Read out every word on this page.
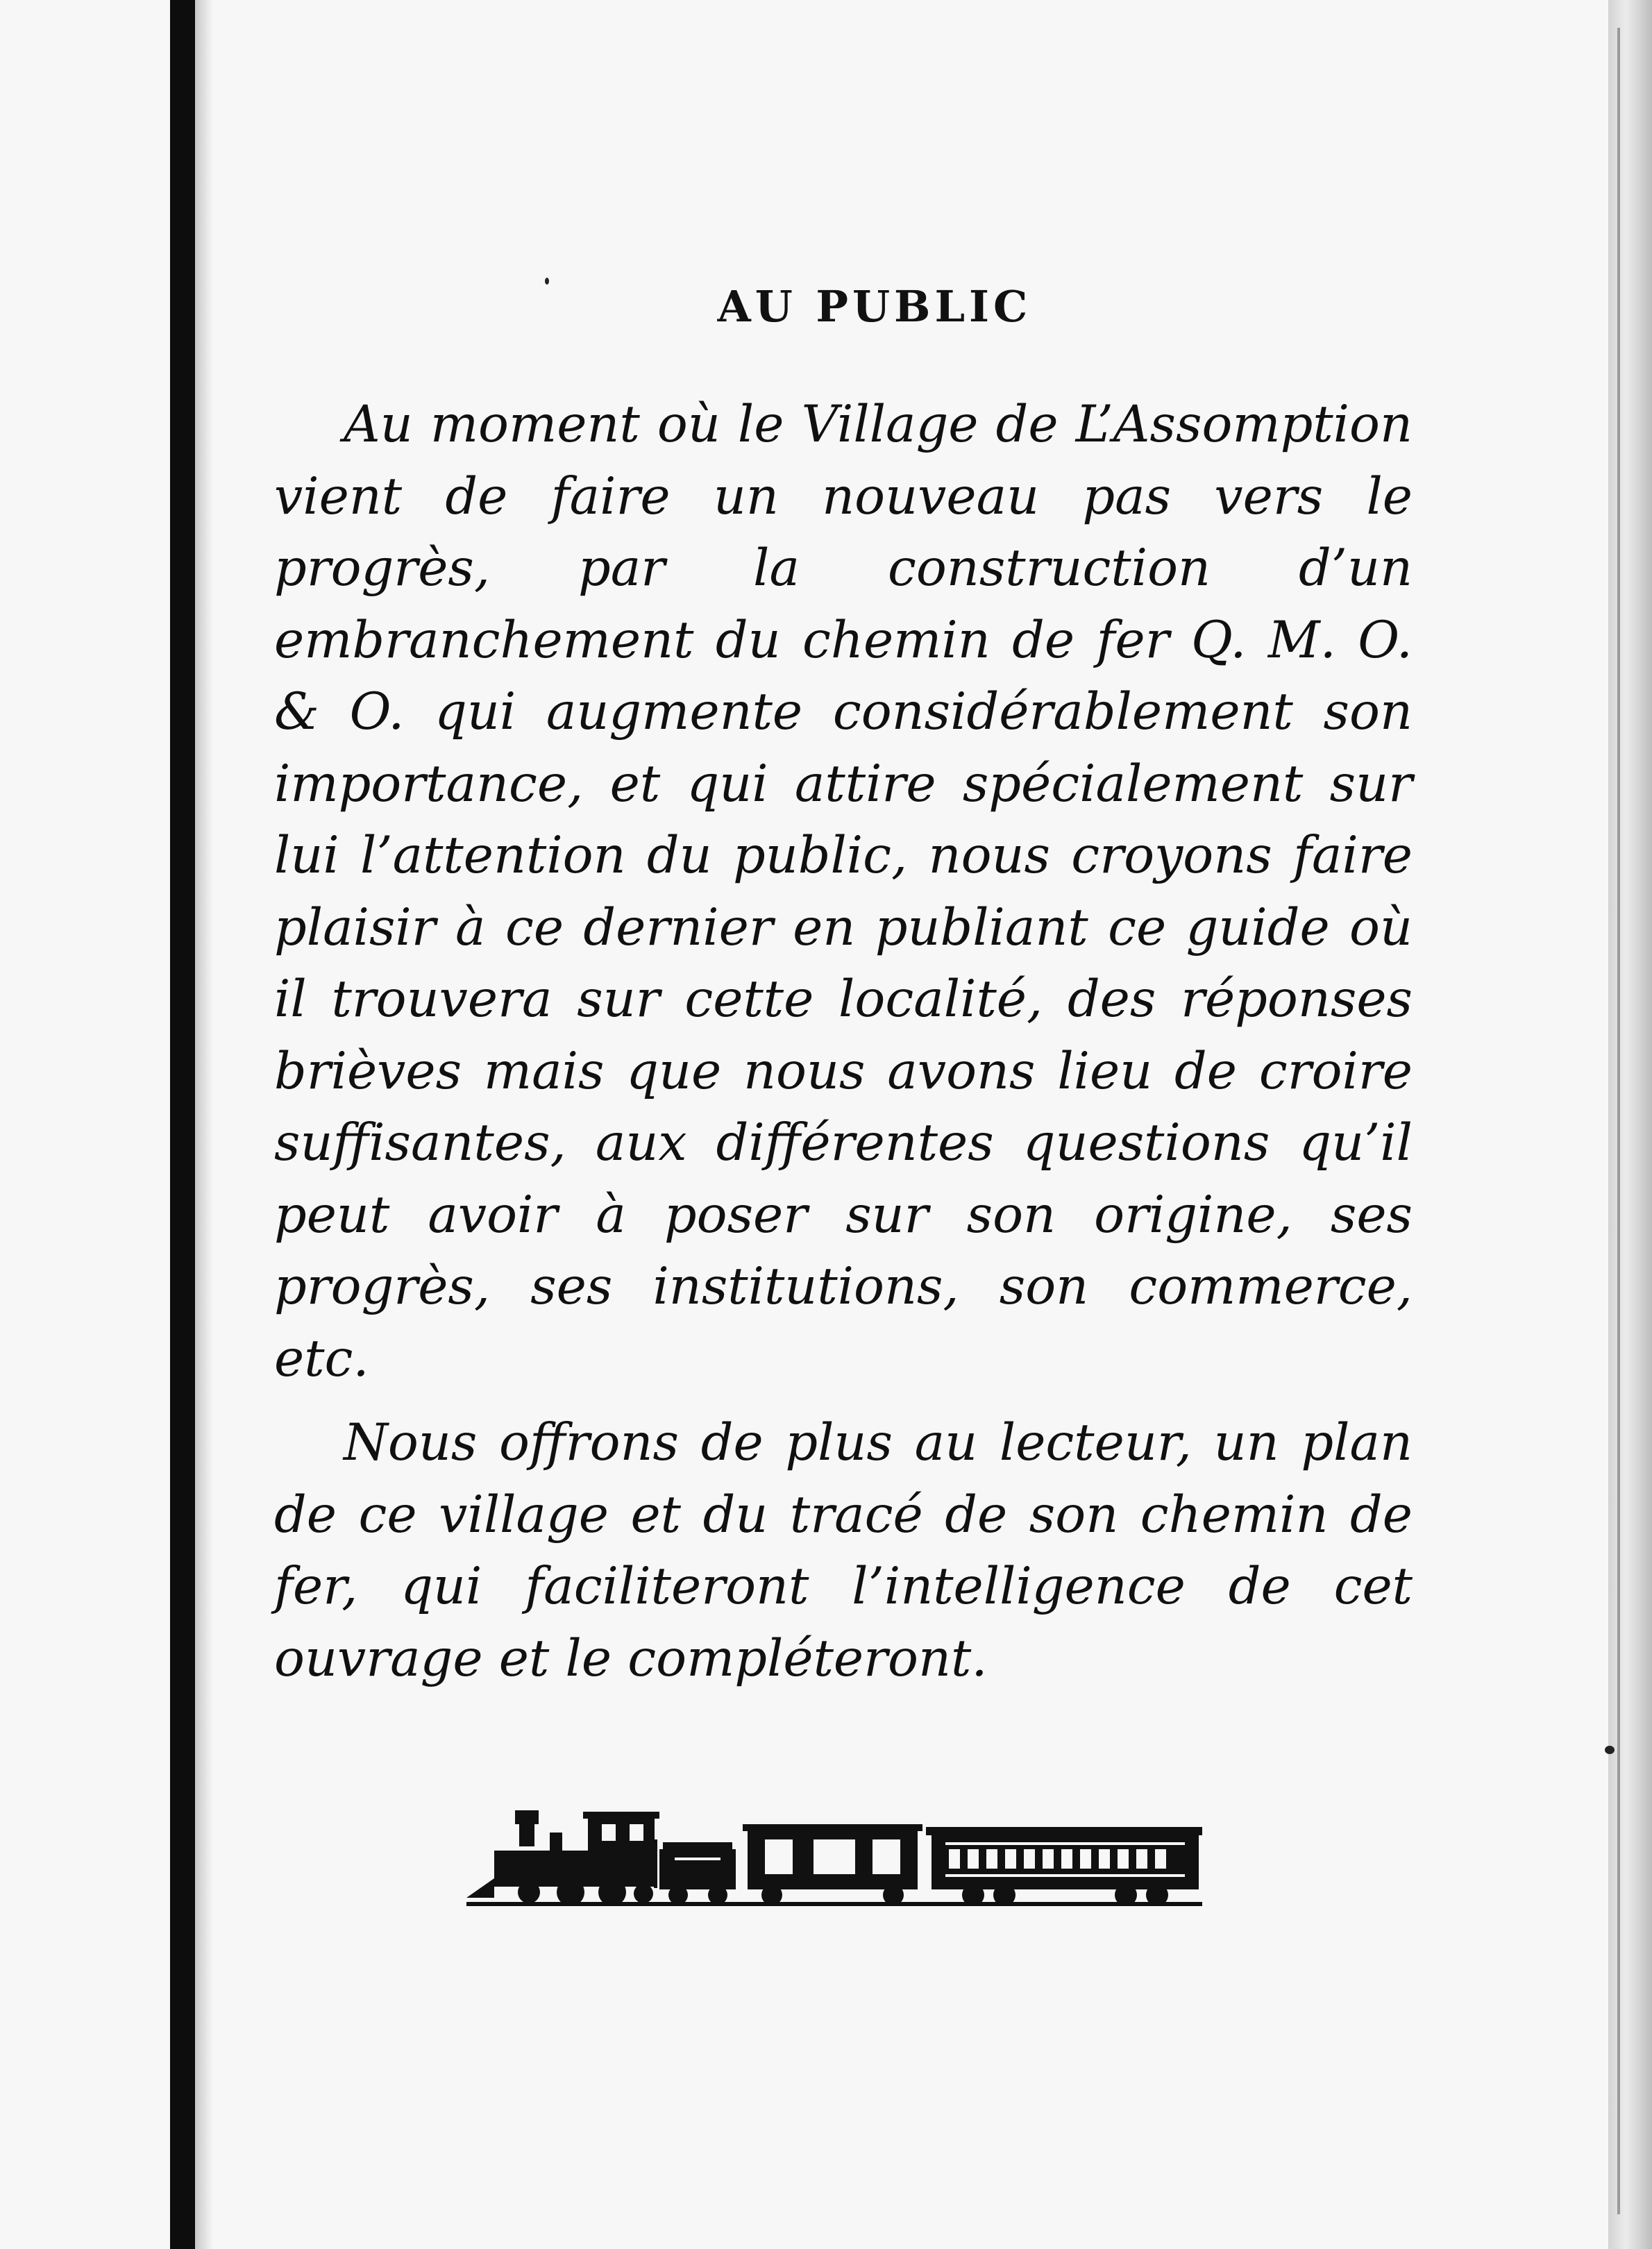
AU PUBLIC

Au moment où le Village de L’Assomption vient de faire un nouveau pas vers le progrès, par la construction d’un embranchement du chemin de fer Q. M. O. & O. qui augmente considérablement son importance, et qui attire spécialement sur lui l’attention du public, nous croyons faire plaisir à ce dernier en publiant ce guide où il trouvera sur cette localité, des réponses brièves mais que nous avons lieu de croire suffisantes, aux différentes questions qu’il peut avoir à poser sur son origine, ses progrès, ses institutions, son commerce, etc.

Nous offrons de plus au lecteur, un plan de ce village et du tracé de son chemin de fer, qui faciliteront l’intelligence de cet ouvrage et le compléteront.
